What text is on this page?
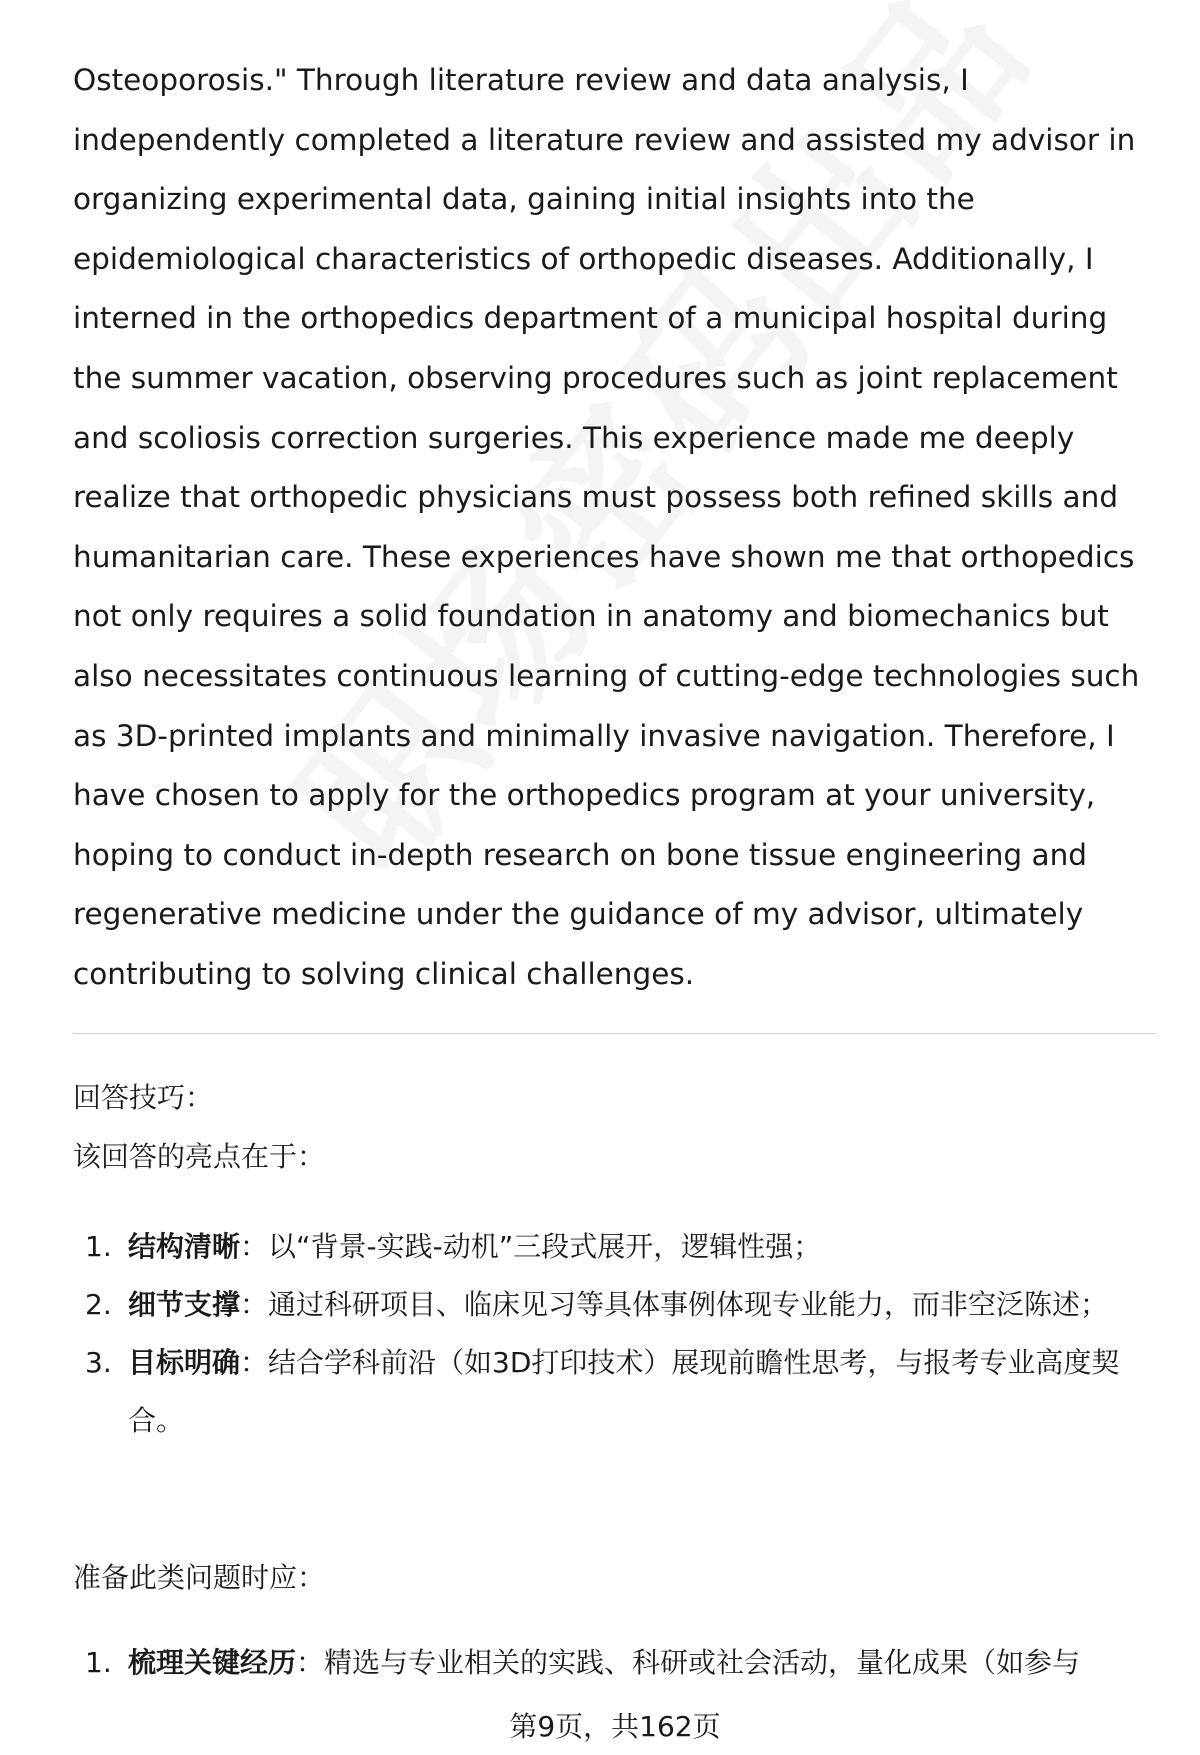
Osteoporosis." Through literature review and data analysis, I independently completed a literature review and assisted my advisor in organizing experimental data, gaining initial insights into the epidemiological characteristics of orthopedic diseases. Additionally, I interned in the orthopedics department of a municipal hospital during the summer vacation, observing procedures such as joint replacement and scoliosis correction surgeries. This experience made me deeply realize that orthopedic physicians must possess both refined skills and humanitarian care. These experiences have shown me that orthopedics not only requires a solid foundation in anatomy and biomechanics but also necessitates continuous learning of cutting-edge technologies such as 3D-printed implants and minimally invasive navigation. Therefore, I have chosen to apply for the orthopedics program at your university, hoping to conduct in-depth research on bone tissue engineering and regenerative medicine under the guidance of my advisor, ultimately contributing to solving clinical challenges.

回答技巧：

该回答的亮点在于：

1. 结构清晰：以“背景-实践-动机”三段式展开，逻辑性强；
2. 细节支撑：通过科研项目、临床见习等具体事例体现专业能力，而非空泛陈述；
3. 目标明确：结合学科前沿（如3D打印技术）展现前瞻性思考，与报考专业高度契合。

准备此类问题时应：

1. 梳理关键经历：精选与专业相关的实践、科研或社会活动，量化成果（如参与
第9页，共162页
